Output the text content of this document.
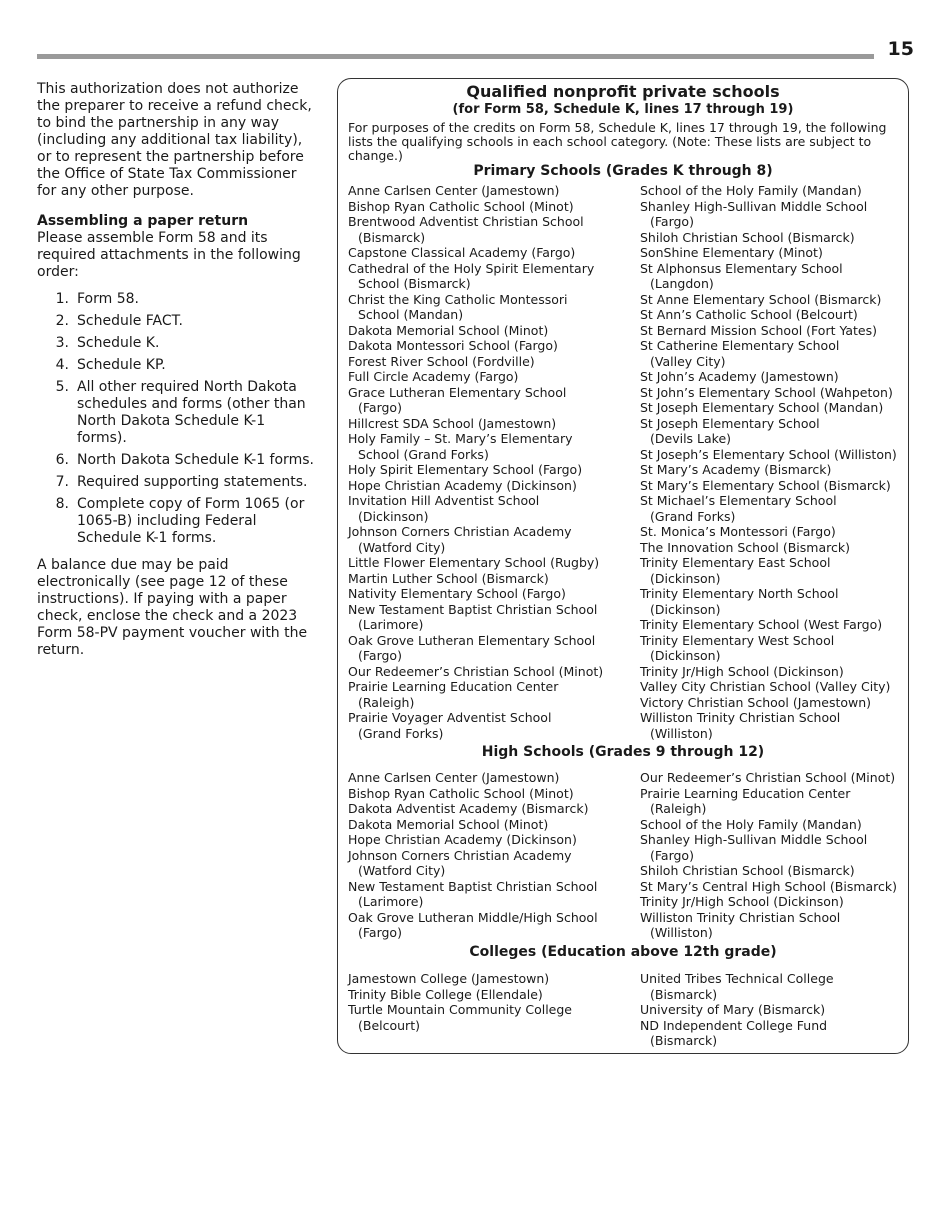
15

This authorization does not authorize the preparer to receive a refund check, to bind the partnership in any way (including any additional tax liability), or to represent the partnership before the Office of State Tax Commissioner for any other purpose.

Assembling a paper return

Please assemble Form 58 and its required attachments in the following order:

1. Form 58.
2. Schedule FACT.
3. Schedule K.
4. Schedule KP.
5. All other required North Dakota schedules and forms (other than North Dakota Schedule K-1 forms).
6. North Dakota Schedule K-1 forms.
7. Required supporting statements.
8. Complete copy of Form 1065 (or 1065-B) including Federal Schedule K-1 forms.

A balance due may be paid electronically (see page 12 of these instructions). If paying with a paper check, enclose the check and a 2023 Form 58-PV payment voucher with the return.

Qualified nonprofit private schools
(for Form 58, Schedule K, lines 17 through 19)
For purposes of the credits on Form 58, Schedule K, lines 17 through 19, the following lists the qualifying schools in each school category. (Note: These lists are subject to change.)
Primary Schools (Grades K through 8)
Anne Carlsen Center (Jamestown)
Bishop Ryan Catholic School (Minot)
Brentwood Adventist Christian School
(Bismarck)
Capstone Classical Academy (Fargo)
Cathedral of the Holy Spirit Elementary
School (Bismarck)
Christ the King Catholic Montessori
School (Mandan)
Dakota Memorial School (Minot)
Dakota Montessori School (Fargo)
Forest River School (Fordville)
Full Circle Academy (Fargo)
Grace Lutheran Elementary School
(Fargo)
Hillcrest SDA School (Jamestown)
Holy Family – St. Mary’s Elementary
School (Grand Forks)
Holy Spirit Elementary School (Fargo)
Hope Christian Academy (Dickinson)
Invitation Hill Adventist School
(Dickinson)
Johnson Corners Christian Academy
(Watford City)
Little Flower Elementary School (Rugby)
Martin Luther School (Bismarck)
Nativity Elementary School (Fargo)
New Testament Baptist Christian School
(Larimore)
Oak Grove Lutheran Elementary School
(Fargo)
Our Redeemer’s Christian School (Minot)
Prairie Learning Education Center
(Raleigh)
Prairie Voyager Adventist School
(Grand Forks)
School of the Holy Family (Mandan)
Shanley High-Sullivan Middle School
(Fargo)
Shiloh Christian School (Bismarck)
SonShine Elementary (Minot)
St Alphonsus Elementary School
(Langdon)
St Anne Elementary School (Bismarck)
St Ann’s Catholic School (Belcourt)
St Bernard Mission School (Fort Yates)
St Catherine Elementary School
(Valley City)
St John’s Academy (Jamestown)
St John’s Elementary School (Wahpeton)
St Joseph Elementary School (Mandan)
St Joseph Elementary School
(Devils Lake)
St Joseph’s Elementary School (Williston)
St Mary’s Academy (Bismarck)
St Mary’s Elementary School (Bismarck)
St Michael’s Elementary School
(Grand Forks)
St. Monica’s Montessori (Fargo)
The Innovation School (Bismarck)
Trinity Elementary East School
(Dickinson)
Trinity Elementary North School
(Dickinson)
Trinity Elementary School (West Fargo)
Trinity Elementary West School
(Dickinson)
Trinity Jr/High School (Dickinson)
Valley City Christian School (Valley City)
Victory Christian School (Jamestown)
Williston Trinity Christian School
(Williston)
High Schools (Grades 9 through 12)
Anne Carlsen Center (Jamestown)
Bishop Ryan Catholic School (Minot)
Dakota Adventist Academy (Bismarck)
Dakota Memorial School (Minot)
Hope Christian Academy (Dickinson)
Johnson Corners Christian Academy
(Watford City)
New Testament Baptist Christian School
(Larimore)
Oak Grove Lutheran Middle/High School
(Fargo)
Our Redeemer’s Christian School (Minot)
Prairie Learning Education Center
(Raleigh)
School of the Holy Family (Mandan)
Shanley High-Sullivan Middle School
(Fargo)
Shiloh Christian School (Bismarck)
St Mary’s Central High School (Bismarck)
Trinity Jr/High School (Dickinson)
Williston Trinity Christian School
(Williston)
Colleges (Education above 12th grade)
Jamestown College (Jamestown)
Trinity Bible College (Ellendale)
Turtle Mountain Community College
(Belcourt)
United Tribes Technical College
(Bismarck)
University of Mary (Bismarck)
ND Independent College Fund
(Bismarck)
